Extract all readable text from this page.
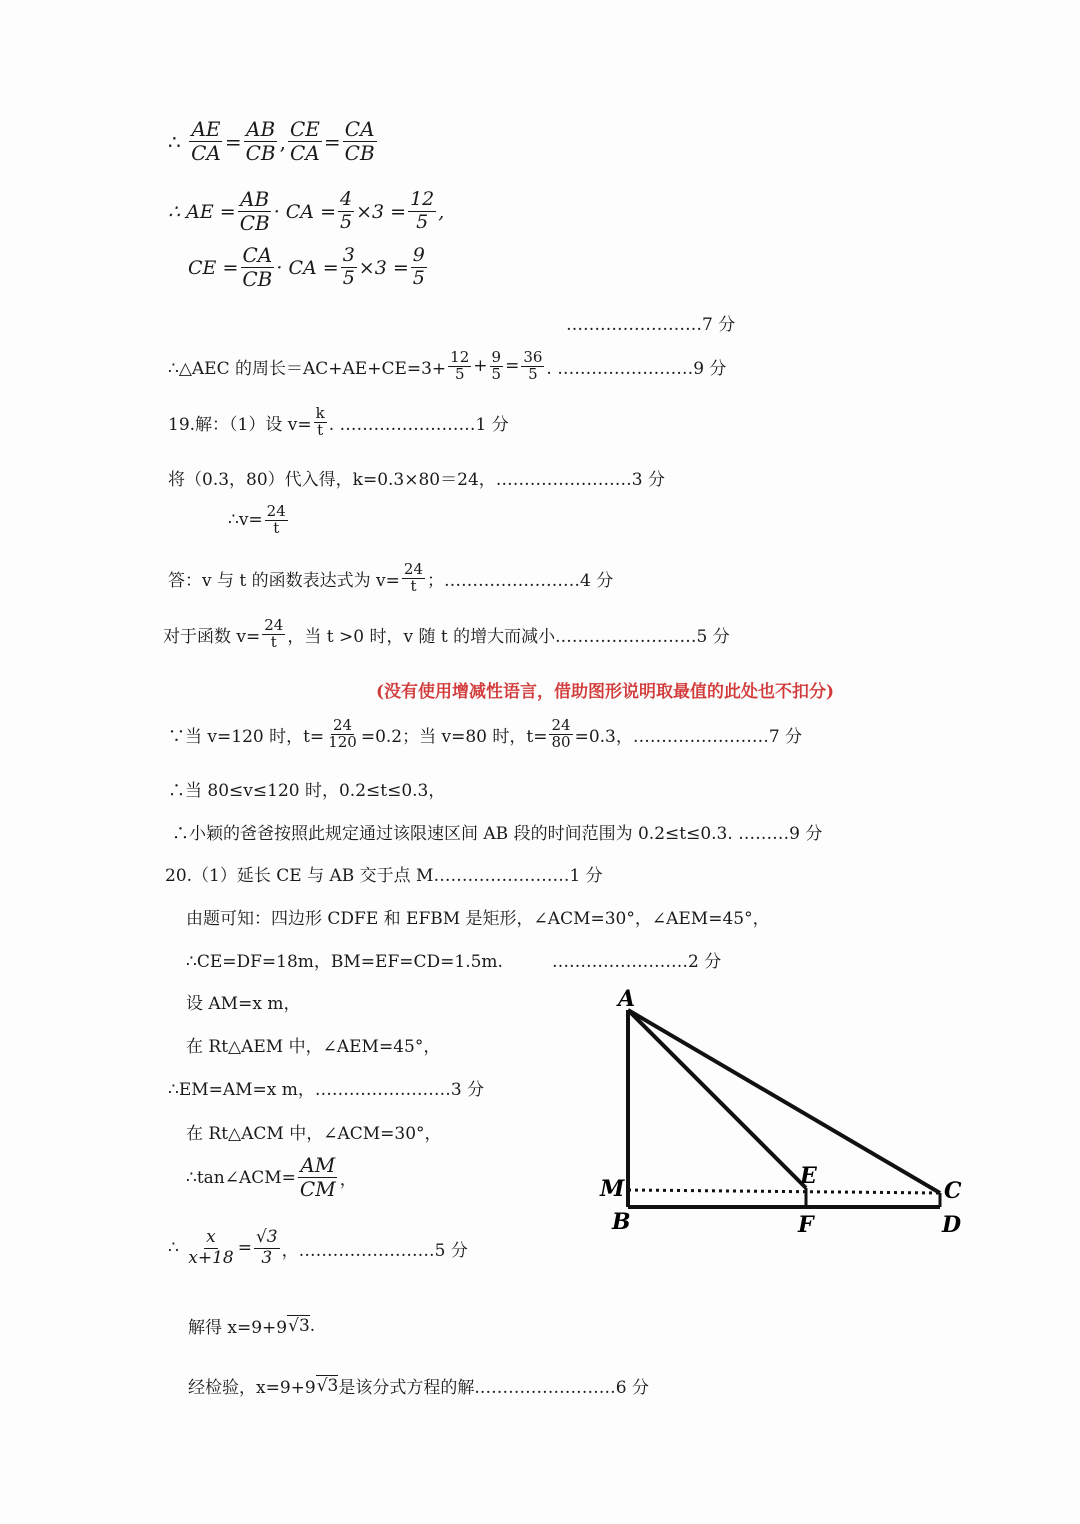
∴
$\frac{AE}{CA} = \frac{AB}{CB}$ , $\frac{CE}{CA} = \frac{CA}{CB}$
∴ AE = $\frac{AB}{CB}$ · CA = $\frac{4}{5} \times 3 = \frac{12}{5}$ ,
CE = $\frac{CA}{CB}$ · CA = $\frac{3}{5} \times 3 = \frac{9}{5}$
……………………7 分
∴△AEC 的周长$=AC+AE+CE=3+ \frac{12}{5} + \frac{9}{5} = \frac{36}{5}$ . ……………………9 分
19.解：（1）设 $v= \frac{k}{t}$ . ……………………1 分
将（0.3，80）代入得，k=0.3×80＝24，……………………3 分
∴v= $\frac{24}{t}$
答：v 与 t 的函数表达式为 $v= \frac{24}{t}$ ；……………………4 分
对于函数 $v= \frac{24}{t}$ ，当 t >0 时，v 随 t 的增大而减小.……………………5 分
(没有使用增减性语言，借助图形说明取最值的此处也不扣分)
∵当 v=120 时，$t= \frac{24}{120} =0.2$；当 v=80 时，$t= \frac{24}{80} =0.3$，……………………7 分
∴当 80≤v≤120 时，0.2≤t≤0.3，
∴小颖的爸爸按照此规定通过该限速区间 AB 段的时间范围为 0.2≤t≤0.3. ………9 分
20.（1）延长 CE 与 AB 交于点 M……………………1 分
由题可知：四边形 CDFE 和 EFBM 是矩形，∠ACM=30°，∠AEM=45°，
∴CE=DF=18m，BM=EF=CD=1.5m.	……………………2 分
设 AM=x m，
在 Rt△AEM 中，∠AEM=45°，
∴EM=AM=x m，……………………3 分
在 Rt△ACM 中，∠ACM=30°，
∴tan∠ACM= $\frac{AM}{CM}$ ，
∴
$\frac{x}{x+18} = \frac{√3}{3}$ ，……………………5 分
解得 x=9+9 √3 .
经检验，x=9+9 √3 是该分式方程的解.……………………6 分
A
M
B
E
F
C
D
